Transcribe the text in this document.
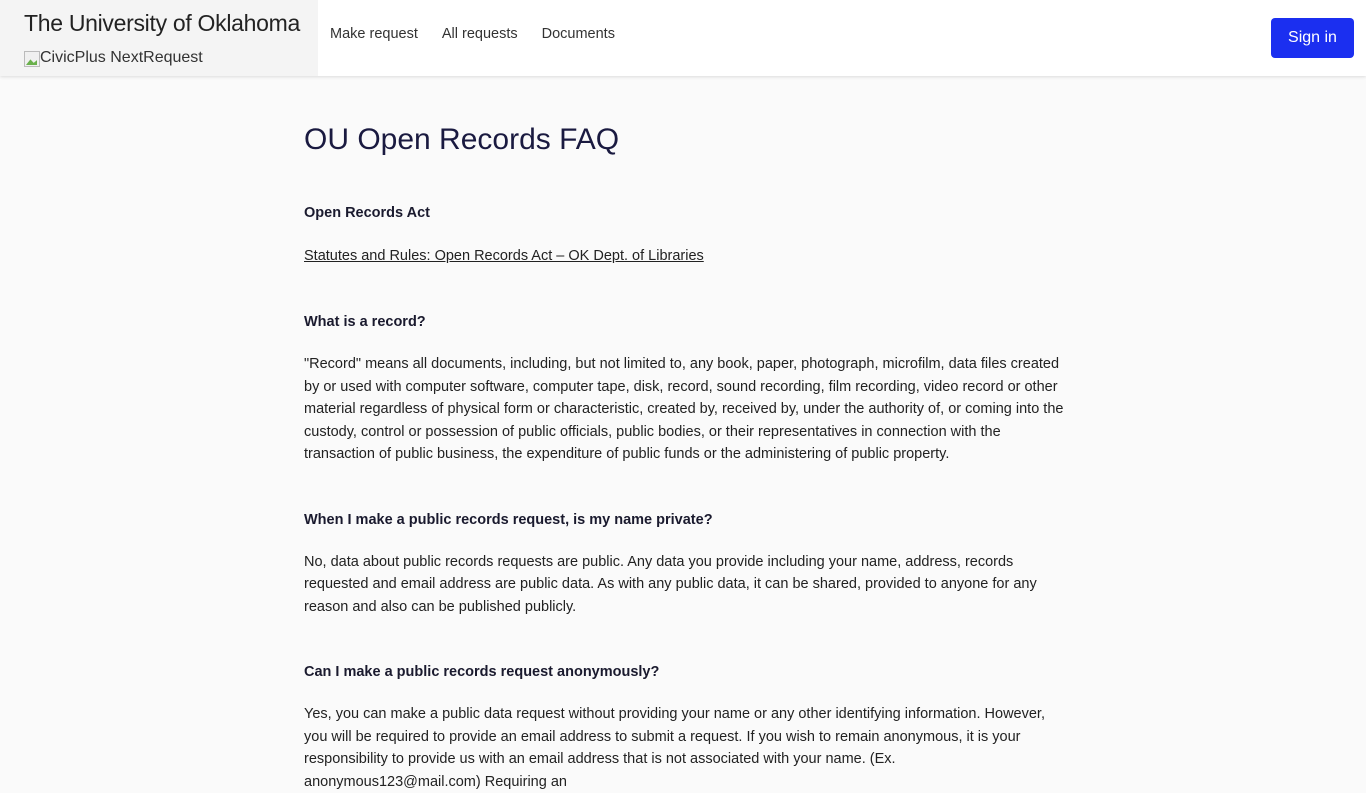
The University of Oklahoma
CivicPlus NextRequest
Make request All requests Documents	Sign in
OU Open Records FAQ
Open Records Act
Statutes and Rules: Open Records Act – OK Dept. of Libraries
What is a record?

"Record" means all documents, including, but not limited to, any book, paper, photograph, microfilm, data files created by or used with computer software, computer tape, disk, record, sound recording, film recording, video record or other material regardless of physical form or characteristic, created by, received by, under the authority of, or coming into the custody, control or possession of public officials, public bodies, or their representatives in connection with the transaction of public business, the expenditure of public funds or the administering of public property.

When I make a public records request, is my name private?

No, data about public records requests are public. Any data you provide including your name, address, records requested and email address are public data. As with any public data, it can be shared, provided to anyone for any reason and also can be published publicly.

Can I make a public records request anonymously?

Yes, you can make a public data request without providing your name or any other identifying information. However, you will be required to provide an email address to submit a request. If you wish to remain anonymous, it is your responsibility to provide us with an email address that is not associated with your name. (Ex. anonymous123@mail.com) Requiring an
